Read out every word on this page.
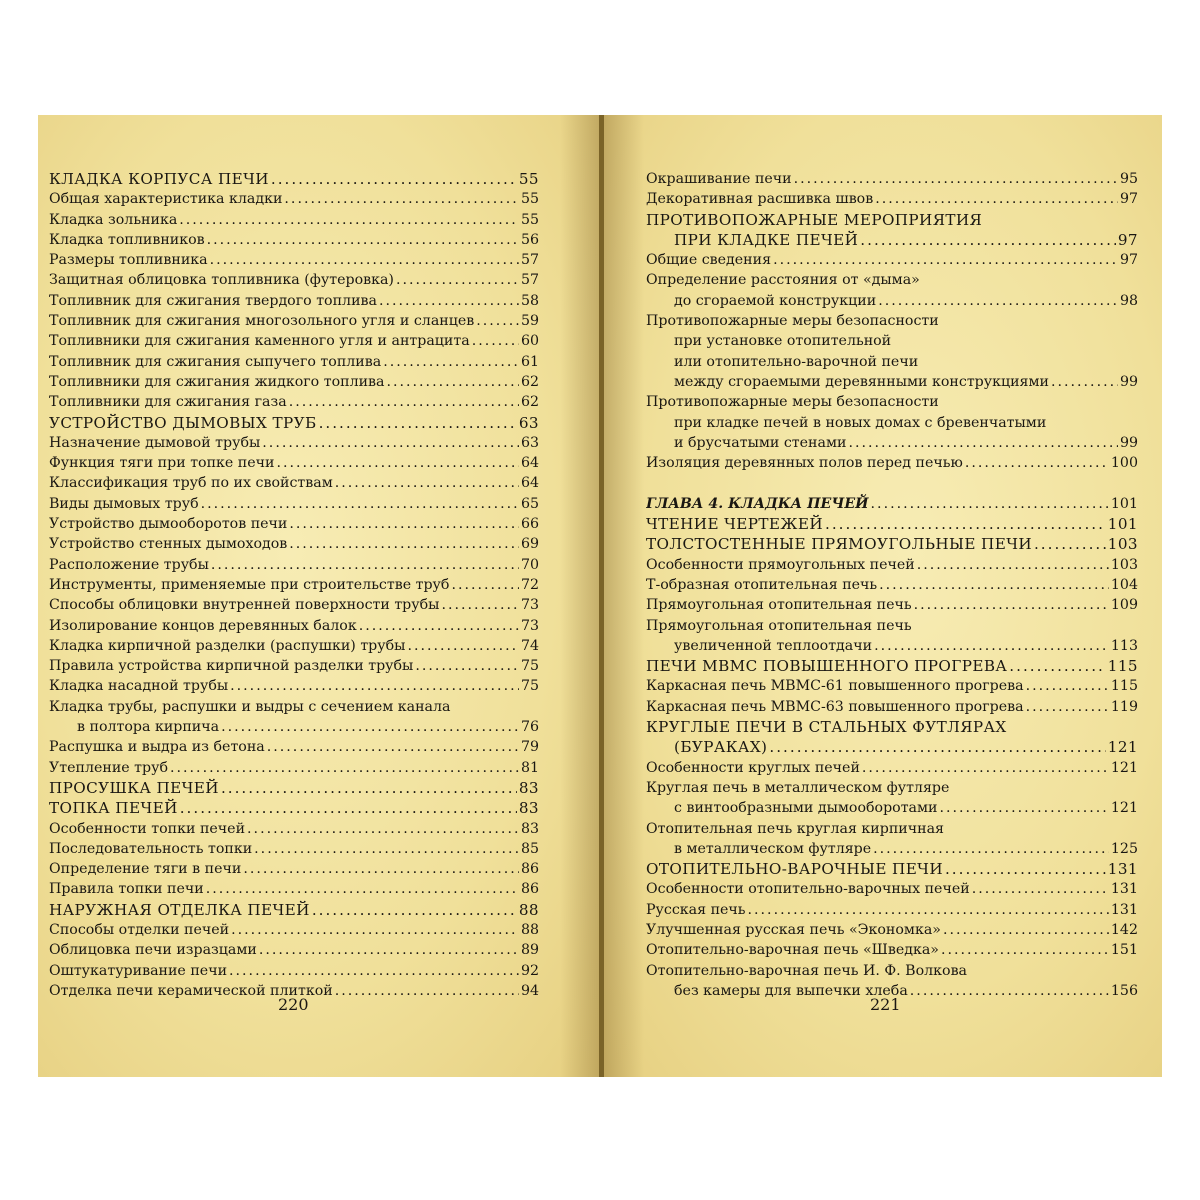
КЛАДКА КОРПУСА ПЕЧИ .....	55
Общая характеристика кладки .....	55
Кладка зольника .....	55
Кладка топливников .....	56
Размеры топливника .....	57
Защитная облицовка топливника (футеровка) .....	57
Топливник для сжигания твердого топлива .....	58
Топливник для сжигания многозольного угля и сланцев .....	59
Топливники для сжигания каменного угля и антрацита .....	60
Топливник для сжигания сыпучего топлива .....	61
Топливники для сжигания жидкого топлива .....	62
Топливники для сжигания газа .....	62
УСТРОЙСТВО ДЫМОВЫХ ТРУБ .....	63
Назначение дымовой трубы .....	63
Функция тяги при топке печи .....	64
Классификация труб по их свойствам .....	64
Виды дымовых труб .....	65
Устройство дымооборотов печи .....	66
Устройство стенных дымоходов .....	69
Расположение трубы .....	70
Инструменты, применяемые при строительстве труб .....	72
Способы облицовки внутренней поверхности трубы .....	73
Изолирование концов деревянных балок .....	73
Кладка кирпичной разделки (распушки) трубы .....	74
Правила устройства кирпичной разделки трубы .....	75
Кладка насадной трубы .....	75
Кладка трубы, распушки и выдры с сечением канала
в полтора кирпича .....	76
Распушка и выдра из бетона .....	79
Утепление труб .....	81
ПРОСУШКА ПЕЧЕЙ .....	83
ТОПКА ПЕЧЕЙ .....	83
Особенности топки печей .....	83
Последовательность топки .....	85
Определение тяги в печи .....	86
Правила топки печи .....	86
НАРУЖНАЯ ОТДЕЛКА ПЕЧЕЙ .....	88
Способы отделки печей .....	88
Облицовка печи изразцами .....	89
Оштукатуривание печи .....	92
Отделка печи керамической плиткой .....	94
220
Окрашивание печи .....	95
Декоративная расшивка швов .....	97
ПРОТИВОПОЖАРНЫЕ МЕРОПРИЯТИЯ
ПРИ КЛАДКЕ ПЕЧЕЙ .....	97
Общие сведения .....	97
Определение расстояния от «дыма»
до сгораемой конструкции .....	98
Противопожарные меры безопасности
при установке отопительной
или отопительно-варочной печи
между сгораемыми деревянными конструкциями .....	99
Противопожарные меры безопасности
при кладке печей в новых домах с бревенчатыми
и брусчатыми стенами .....	99
Изоляция деревянных полов перед печью .....	100
ГЛАВА 4. КЛАДКА ПЕЧЕЙ .....	101
ЧТЕНИЕ ЧЕРТЕЖЕЙ .....	101
ТОЛСТОСТЕННЫЕ ПРЯМОУГОЛЬНЫЕ ПЕЧИ .....	103
Особенности прямоугольных печей .....	103
Т-образная отопительная печь .....	104
Прямоугольная отопительная печь .....	109
Прямоугольная отопительная печь
увеличенной теплоотдачи .....	113
ПЕЧИ МВМС ПОВЫШЕННОГО ПРОГРЕВА .....	115
Каркасная печь МВМС-61 повышенного прогрева .....	115
Каркасная печь МВМС-63 повышенного прогрева .....	119
КРУГЛЫЕ ПЕЧИ В СТАЛЬНЫХ ФУТЛЯРАХ
(БУРАКАХ) .....	121
Особенности круглых печей .....	121
Круглая печь в металлическом футляре
с винтообразными дымооборотами .....	121
Отопительная печь круглая кирпичная
в металлическом футляре .....	125
ОТОПИТЕЛЬНО-ВАРОЧНЫЕ ПЕЧИ .....	131
Особенности отопительно-варочных печей .....	131
Русская печь .....	131
Улучшенная русская печь «Экономка» .....	142
Отопительно-варочная печь «Шведка» .....	151
Отопительно-варочная печь И. Ф. Волкова
без камеры для выпечки хлеба .....	156
221
